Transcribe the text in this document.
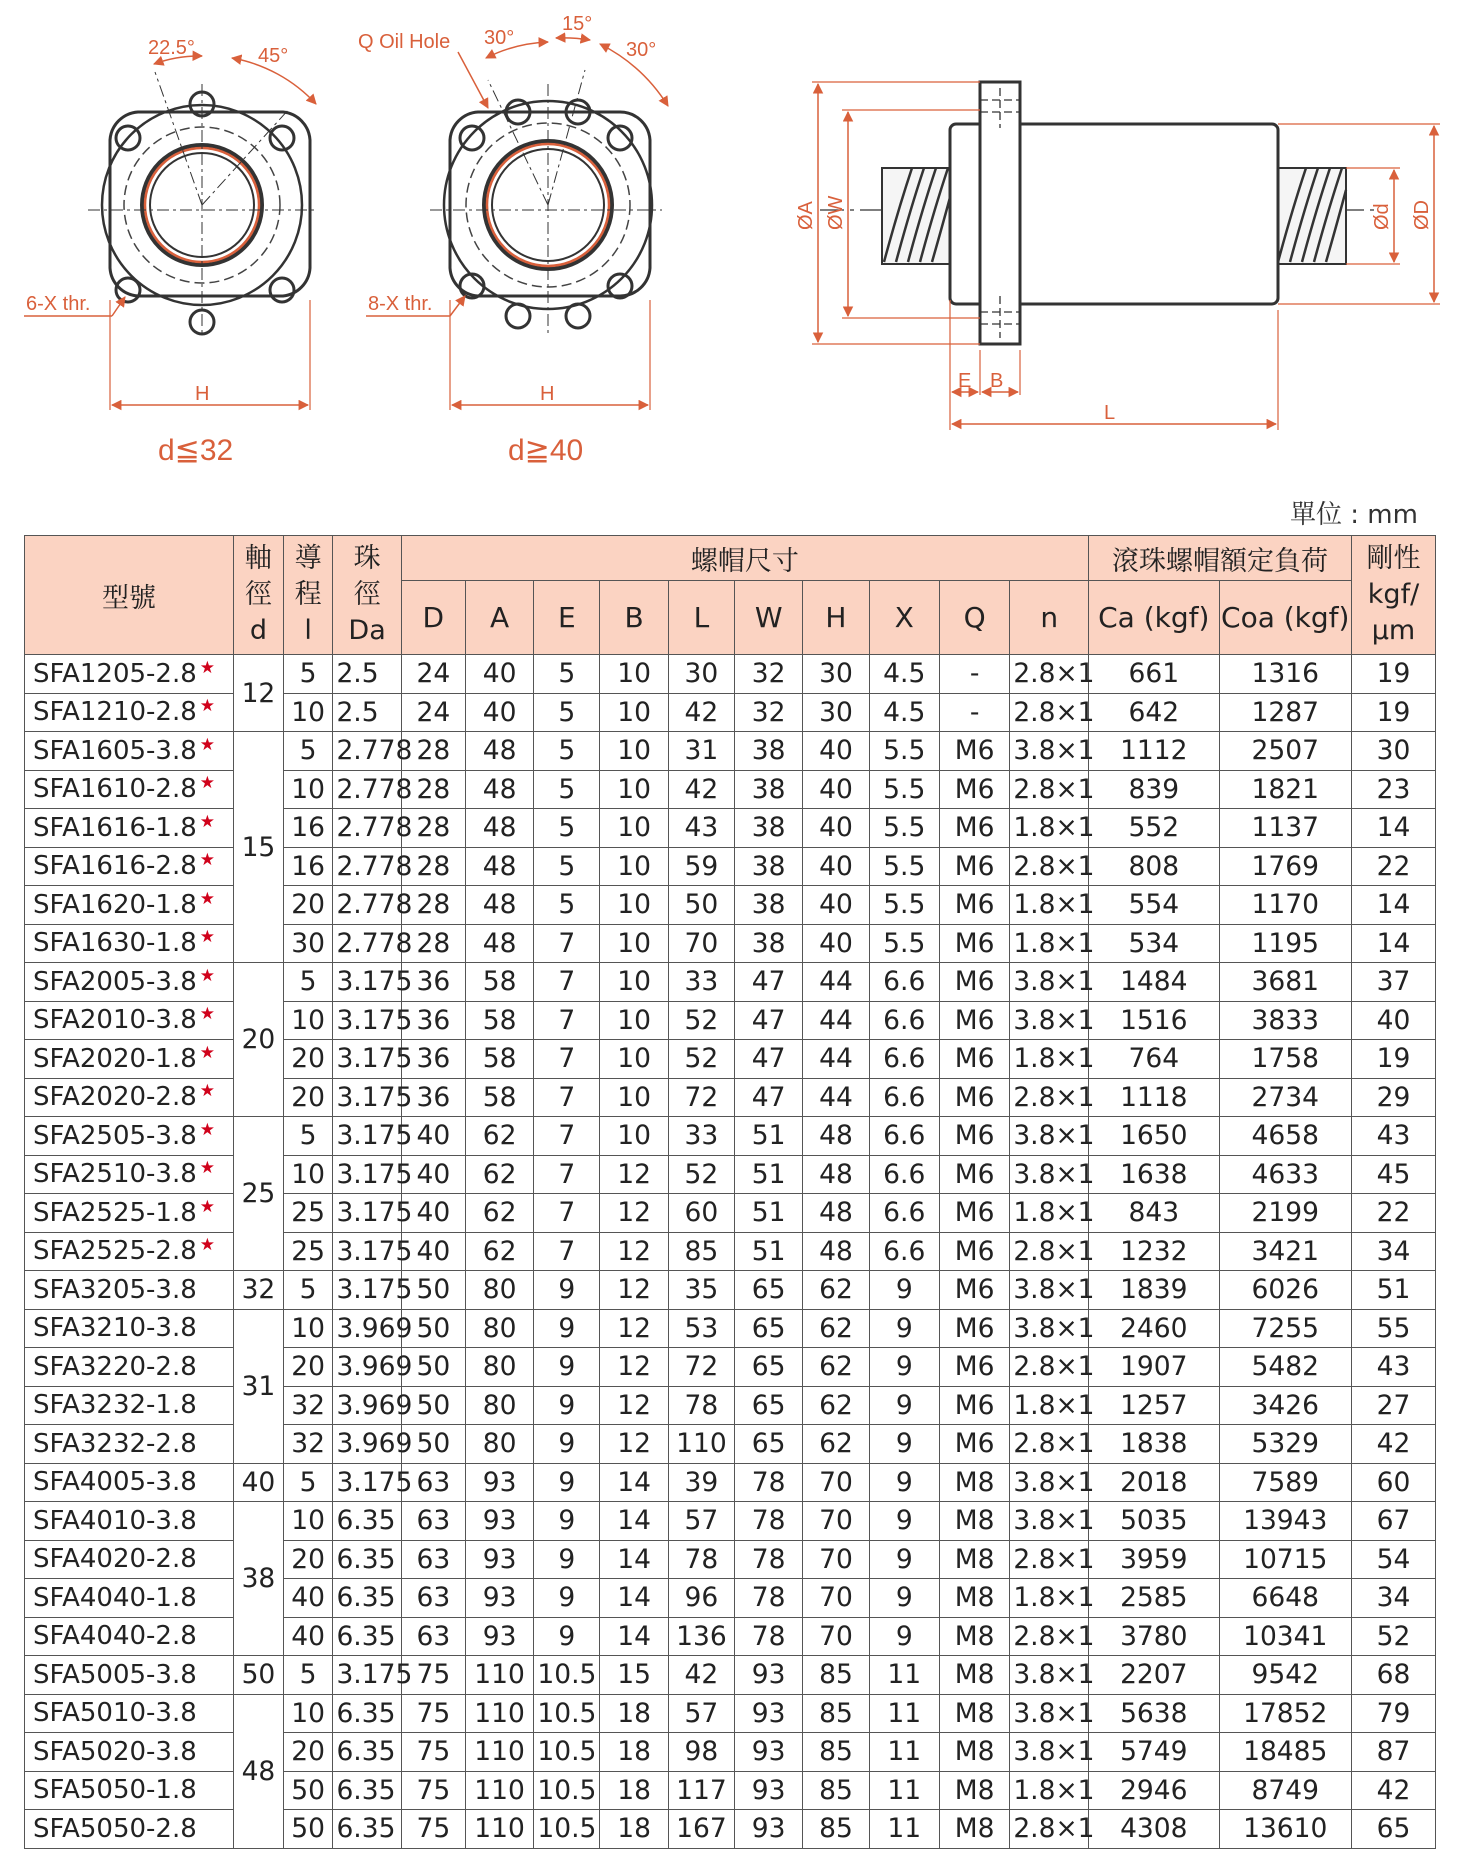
22.5°	45°
6-X thr.
H
d≦32
Q Oil Hole 30°
15°
30°
8-X thr.
H
d≧40
ØA ØW	Ød ØD
E B
L
單位 : mm
型號	軸
徑
d	導
程
l	珠
徑
Da	螺帽尺寸										滾珠螺帽額定負荷		剛性
kgf/
μm
				D	A	E	B	L	W	H	X	Q	n	Ca (kgf)	Coa (kgf)	
SFA1205-2.8 ★	12	5	2.5	24	40	5	10	30	32	30	4.5	-	2.8×1	661	1316	19
SFA1210-2.8 ★		10	2.5	24	40	5	10	42	32	30	4.5	-	2.8×1	642	1287	19
SFA1605-3.8 ★	15	5	2.778	28	48	5	10	31	38	40	5.5	M6	3.8×1	1112	2507	30
SFA1610-2.8 ★		10	2.778	28	48	5	10	42	38	40	5.5	M6	2.8×1	839	1821	23
SFA1616-1.8 ★		16	2.778	28	48	5	10	43	38	40	5.5	M6	1.8×1	552	1137	14
SFA1616-2.8 ★		16	2.778	28	48	5	10	59	38	40	5.5	M6	2.8×1	808	1769	22
SFA1620-1.8 ★		20	2.778	28	48	5	10	50	38	40	5.5	M6	1.8×1	554	1170	14
SFA1630-1.8 ★		30	2.778	28	48	7	10	70	38	40	5.5	M6	1.8×1	534	1195	14
SFA2005-3.8 ★	20	5	3.175	36	58	7	10	33	47	44	6.6	M6	3.8×1	1484	3681	37
SFA2010-3.8 ★		10	3.175	36	58	7	10	52	47	44	6.6	M6	3.8×1	1516	3833	40
SFA2020-1.8 ★		20	3.175	36	58	7	10	52	47	44	6.6	M6	1.8×1	764	1758	19
SFA2020-2.8 ★		20	3.175	36	58	7	10	72	47	44	6.6	M6	2.8×1	1118	2734	29
SFA2505-3.8 ★	25	5	3.175	40	62	7	10	33	51	48	6.6	M6	3.8×1	1650	4658	43
SFA2510-3.8 ★		10	3.175	40	62	7	12	52	51	48	6.6	M6	3.8×1	1638	4633	45
SFA2525-1.8 ★		25	3.175	40	62	7	12	60	51	48	6.6	M6	1.8×1	843	2199	22
SFA2525-2.8 ★		25	3.175	40	62	7	12	85	51	48	6.6	M6	2.8×1	1232	3421	34
SFA3205-3.8	32	5	3.175	50	80	9	12	35	65	62	9	M6	3.8×1	1839	6026	51
SFA3210-3.8	31	10	3.969	50	80	9	12	53	65	62	9	M6	3.8×1	2460	7255	55
SFA3220-2.8		20	3.969	50	80	9	12	72	65	62	9	M6	2.8×1	1907	5482	43
SFA3232-1.8		32	3.969	50	80	9	12	78	65	62	9	M6	1.8×1	1257	3426	27
SFA3232-2.8		32	3.969	50	80	9	12	110	65	62	9	M6	2.8×1	1838	5329	42
SFA4005-3.8	40	5	3.175	63	93	9	14	39	78	70	9	M8	3.8×1	2018	7589	60
SFA4010-3.8	38	10	6.35	63	93	9	14	57	78	70	9	M8	3.8×1	5035	13943	67
SFA4020-2.8		20	6.35	63	93	9	14	78	78	70	9	M8	2.8×1	3959	10715	54
SFA4040-1.8		40	6.35	63	93	9	14	96	78	70	9	M8	1.8×1	2585	6648	34
SFA4040-2.8		40	6.35	63	93	9	14	136	78	70	9	M8	2.8×1	3780	10341	52
SFA5005-3.8	50	5	3.175	75	110	10.5	15	42	93	85	11	M8	3.8×1	2207	9542	68
SFA5010-3.8	48	10	6.35	75	110	10.5	18	57	93	85	11	M8	3.8×1	5638	17852	79
SFA5020-3.8		20	6.35	75	110	10.5	18	98	93	85	11	M8	3.8×1	5749	18485	87
SFA5050-1.8		50	6.35	75	110	10.5	18	117	93	85	11	M8	1.8×1	2946	8749	42
SFA5050-2.8		50	6.35	75	110	10.5	18	167	93	85	11	M8	2.8×1	4308	13610	65
